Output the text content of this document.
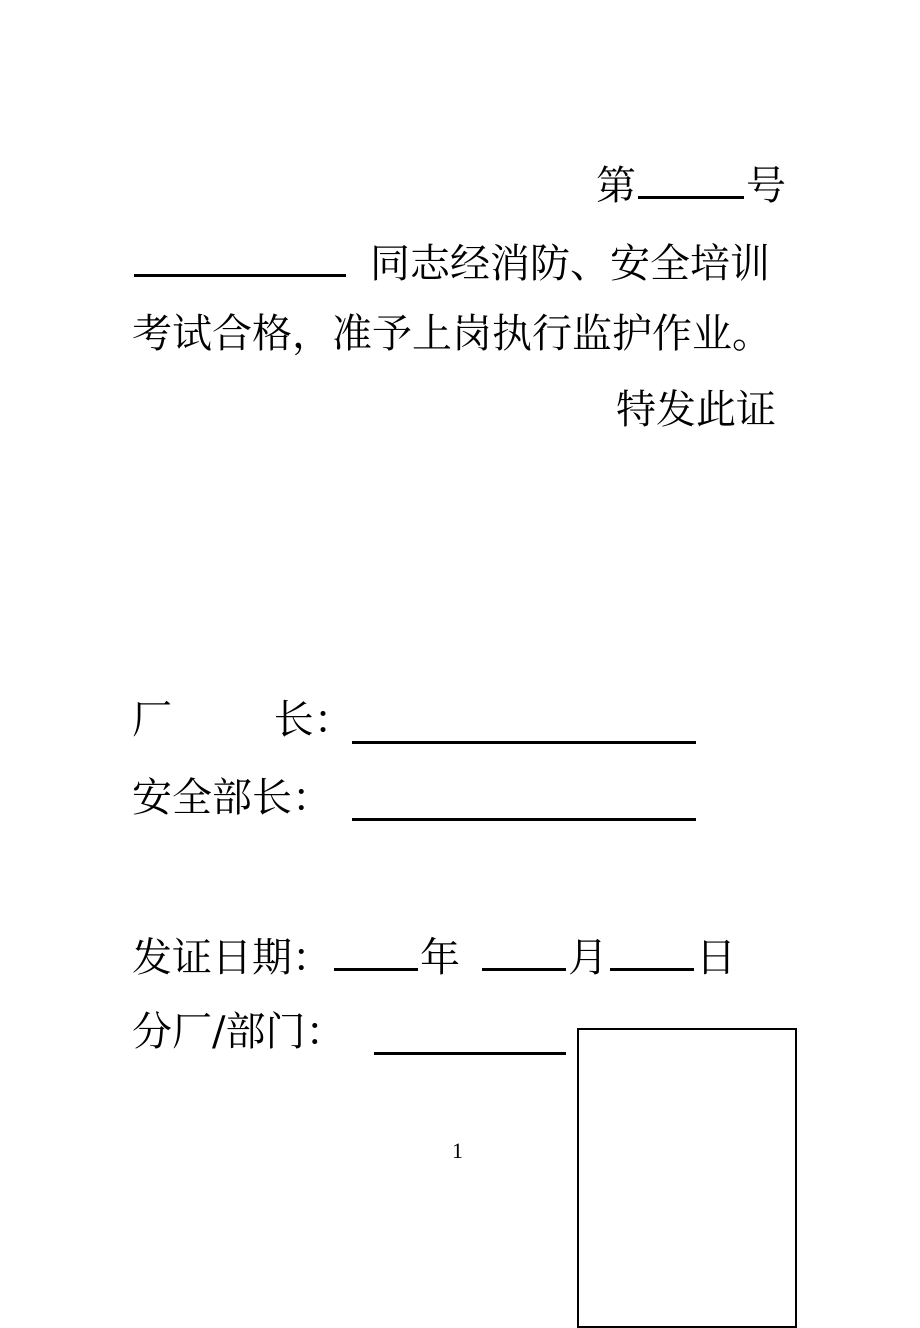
第	号
同志经消防、安全培训
考试合格，准予上岗执行监护作业。
特发此证
厂        长：
安全部长：
发证日期： 年	月 日
分厂/部门：
1
